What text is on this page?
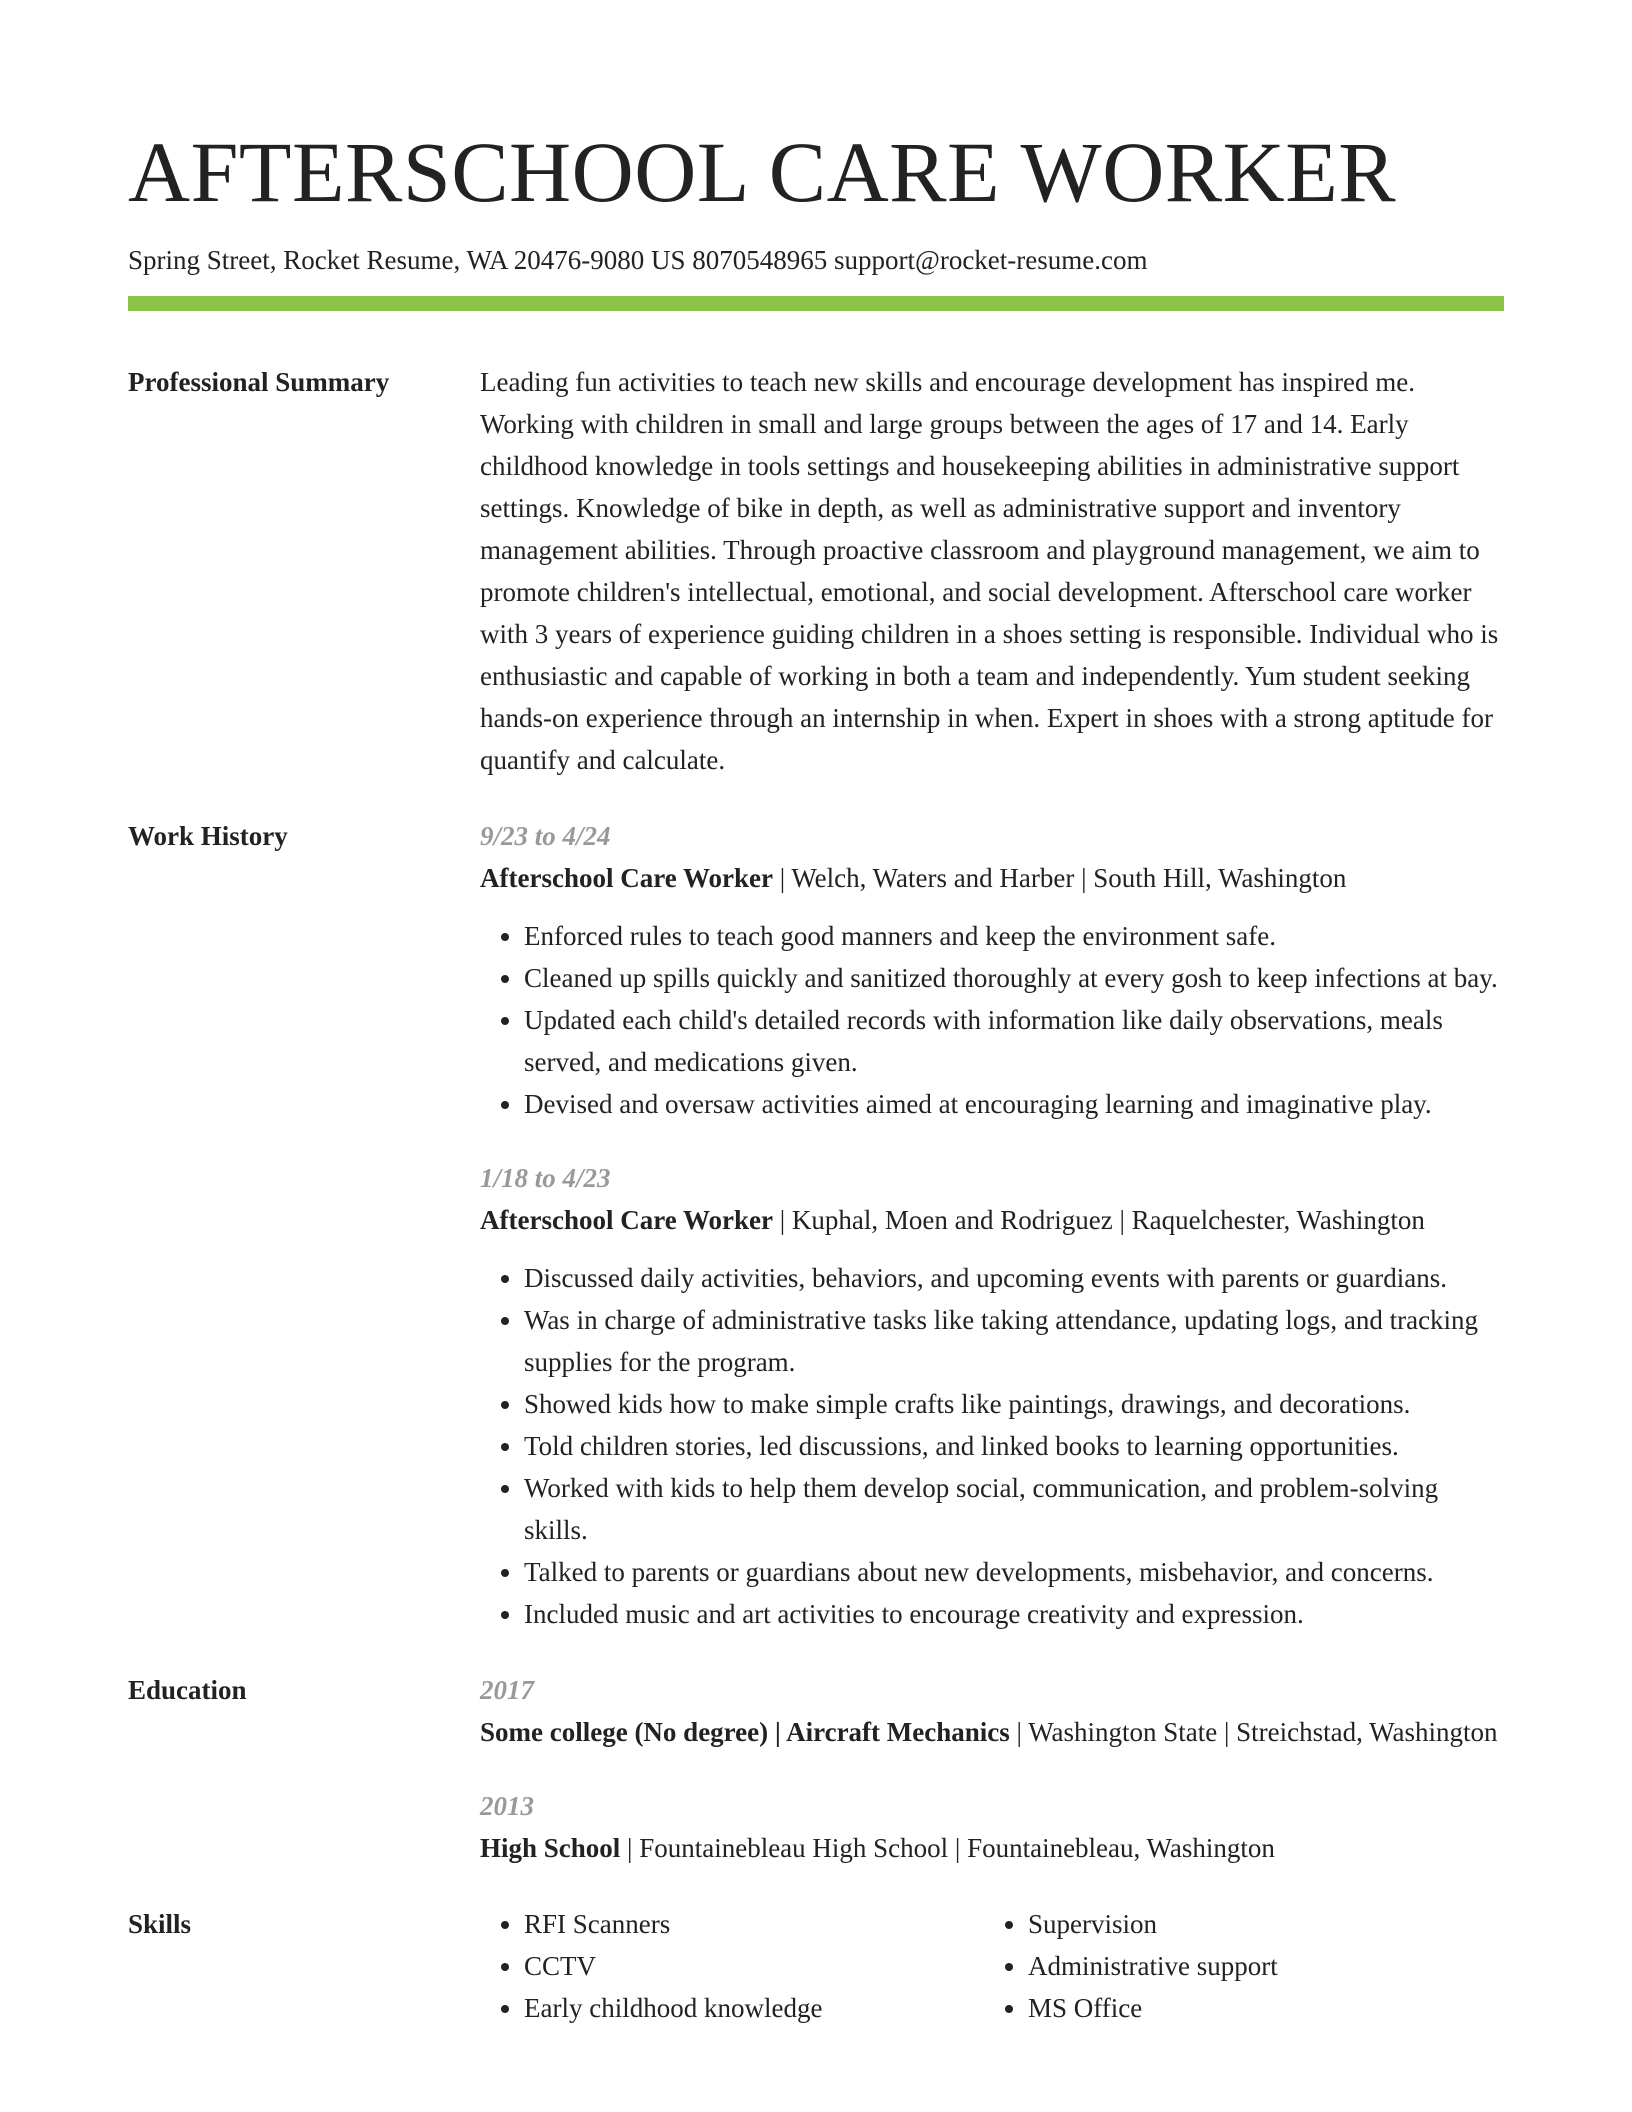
AFTERSCHOOL CARE WORKER
Spring Street, Rocket Resume, WA 20476-9080 US 8070548965 support@rocket-resume.com
Professional Summary	Leading fun activities to teach new skills and encourage development has inspired me. Working with children in small and large groups between the ages of 17 and 14. Early childhood knowledge in tools settings and housekeeping abilities in administrative support settings. Knowledge of bike in depth, as well as administrative support and inventory management abilities. Through proactive classroom and playground management, we aim to promote children's intellectual, emotional, and social development. Afterschool care worker with 3 years of experience guiding children in a shoes setting is responsible. Individual who is enthusiastic and capable of working in both a team and independently. Yum student seeking hands-on experience through an internship in when. Expert in shoes with a strong aptitude for quantify and calculate.

Work History	9/23 to 4/24

Afterschool Care Worker | Welch, Waters and Harber | South Hill, Washington

• Enforced rules to teach good manners and keep the environment safe.
• Cleaned up spills quickly and sanitized thoroughly at every gosh to keep infections at bay.
• Updated each child's detailed records with information like daily observations, meals served, and medications given.
• Devised and oversaw activities aimed at encouraging learning and imaginative play.
1/18 to 4/23

Afterschool Care Worker | Kuphal, Moen and Rodriguez | Raquelchester, Washington

• Discussed daily activities, behaviors, and upcoming events with parents or guardians.
• Was in charge of administrative tasks like taking attendance, updating logs, and tracking supplies for the program.
• Showed kids how to make simple crafts like paintings, drawings, and decorations.
• Told children stories, led discussions, and linked books to learning opportunities.
• Worked with kids to help them develop social, communication, and problem-solving skills.
• Talked to parents or guardians about new developments, misbehavior, and concerns.
• Included music and art activities to encourage creativity and expression.
Education	2017

Some college (No degree) | Aircraft Mechanics | Washington State | Streichstad, Washington

2013

High School | Fountainebleau High School | Fountainebleau, Washington

Skills
•	RFI Scanners
• CCTV
• Early childhood knowledge
• Supervision
• Administrative support
• MS Office
